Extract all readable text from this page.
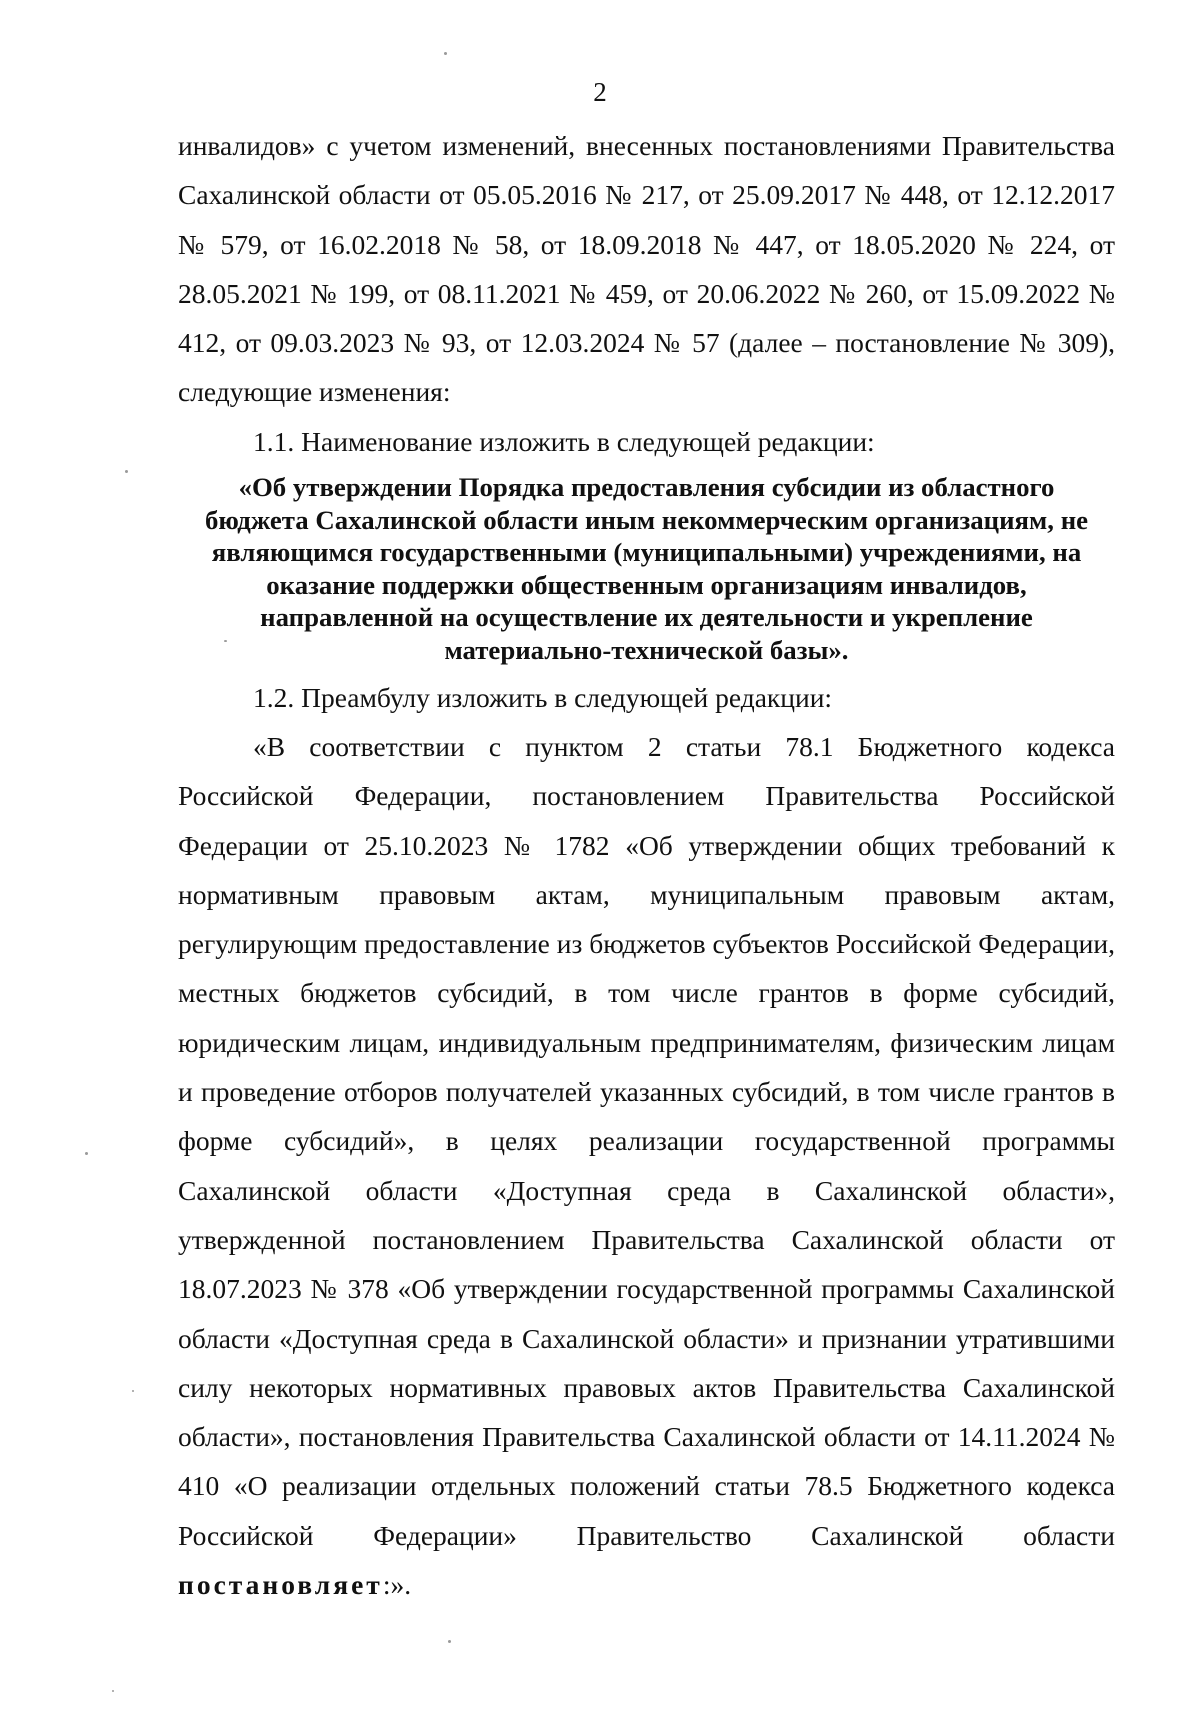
2

инвалидов» с учетом изменений, внесенных постановлениями Правительства Сахалинской области от 05.05.2016 № 217, от 25.09.2017 № 448, от 12.12.2017 № 579, от 16.02.2018 № 58, от 18.09.2018 № 447, от 18.05.2020 № 224, от 28.05.2021 № 199, от 08.11.2021 № 459, от 20.06.2022 № 260, от 15.09.2022 № 412, от 09.03.2023 № 93, от 12.03.2024 № 57 (далее – постановление № 309), следующие изменения:

1.1. Наименование изложить в следующей редакции:

«Об утверждении Порядка предоставления субсидии из областного
бюджета Сахалинской области иным некоммерческим организациям, не
являющимся государственными (муниципальными) учреждениями, на
оказание поддержки общественным организациям инвалидов,
направленной на осуществление их деятельности и укрепление
материально-технической базы».

1.2. Преамбулу изложить в следующей редакции:

«В соответствии с пунктом 2 статьи 78.1 Бюджетного кодекса Российской Федерации, постановлением Правительства Российской Федерации от 25.10.2023 № 1782 «Об утверждении общих требований к нормативным правовым актам, муниципальным правовым актам, регулирующим предоставление из бюджетов субъектов Российской Федерации, местных бюджетов субсидий, в том числе грантов в форме субсидий, юридическим лицам, индивидуальным предпринимателям, физическим лицам и проведение отборов получателей указанных субсидий, в том числе грантов в форме субсидий», в целях реализации государственной программы Сахалинской области «Доступная среда в Сахалинской области», утвержденной постановлением Правительства Сахалинской области от 18.07.2023 № 378 «Об утверждении государственной программы Сахалинской области «Доступная среда в Сахалинской области» и признании утратившими силу некоторых нормативных правовых актов Правительства Сахалинской области», постановления Правительства Сахалинской области от 14.11.2024 № 410 «О реализации отдельных положений статьи 78.5 Бюджетного кодекса Российской Федерации» Правительство Сахалинской области постановляет:».
